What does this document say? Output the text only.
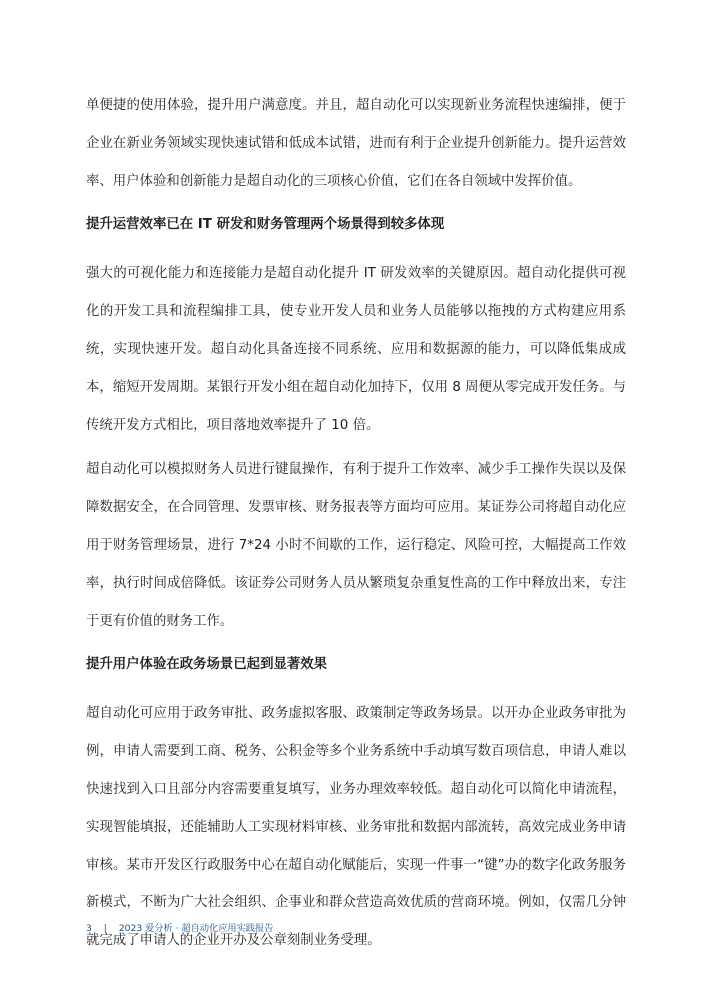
单便捷的使用体验，提升用户满意度。并且，超自动化可以实现新业务流程快速编排，便于企业在新业务领域实现快速试错和低成本试错，进而有利于企业提升创新能力。提升运营效率、用户体验和创新能力是超自动化的三项核心价值，它们在各自领域中发挥价值。

提升运营效率已在 IT 研发和财务管理两个场景得到较多体现

强大的可视化能力和连接能力是超自动化提升 IT 研发效率的关键原因。超自动化提供可视化的开发工具和流程编排工具，使专业开发人员和业务人员能够以拖拽的方式构建应用系统，实现快速开发。超自动化具备连接不同系统、应用和数据源的能力，可以降低集成成本，缩短开发周期。某银行开发小组在超自动化加持下，仅用 8 周便从零完成开发任务。与传统开发方式相比，项目落地效率提升了 10 倍。

超自动化可以模拟财务人员进行键鼠操作，有利于提升工作效率、减少手工操作失误以及保障数据安全，在合同管理、发票审核、财务报表等方面均可应用。某证券公司将超自动化应用于财务管理场景，进行 7*24 小时不间歇的工作，运行稳定、风险可控，大幅提高工作效率，执行时间成倍降低。该证券公司财务人员从繁琐复杂重复性高的工作中释放出来，专注于更有价值的财务工作。

提升用户体验在政务场景已起到显著效果

超自动化可应用于政务审批、政务虚拟客服、政策制定等政务场景。以开办企业政务审批为例，申请人需要到工商、税务、公积金等多个业务系统中手动填写数百项信息，申请人难以快速找到入口且部分内容需要重复填写，业务办理效率较低。超自动化可以简化申请流程，实现智能填报，还能辅助人工实现材料审核、业务审批和数据内部流转，高效完成业务申请审核。某市开发区行政服务中心在超自动化赋能后，实现一件事一“键”办的数字化政务服务新模式，不断为广大社会组织、企事业和群众营造高效优质的营商环境。例如，仅需几分钟就完成了申请人的企业开办及公章刻制业务受理。

3 | 2023 爱分析 · 超自动化应用实践报告
